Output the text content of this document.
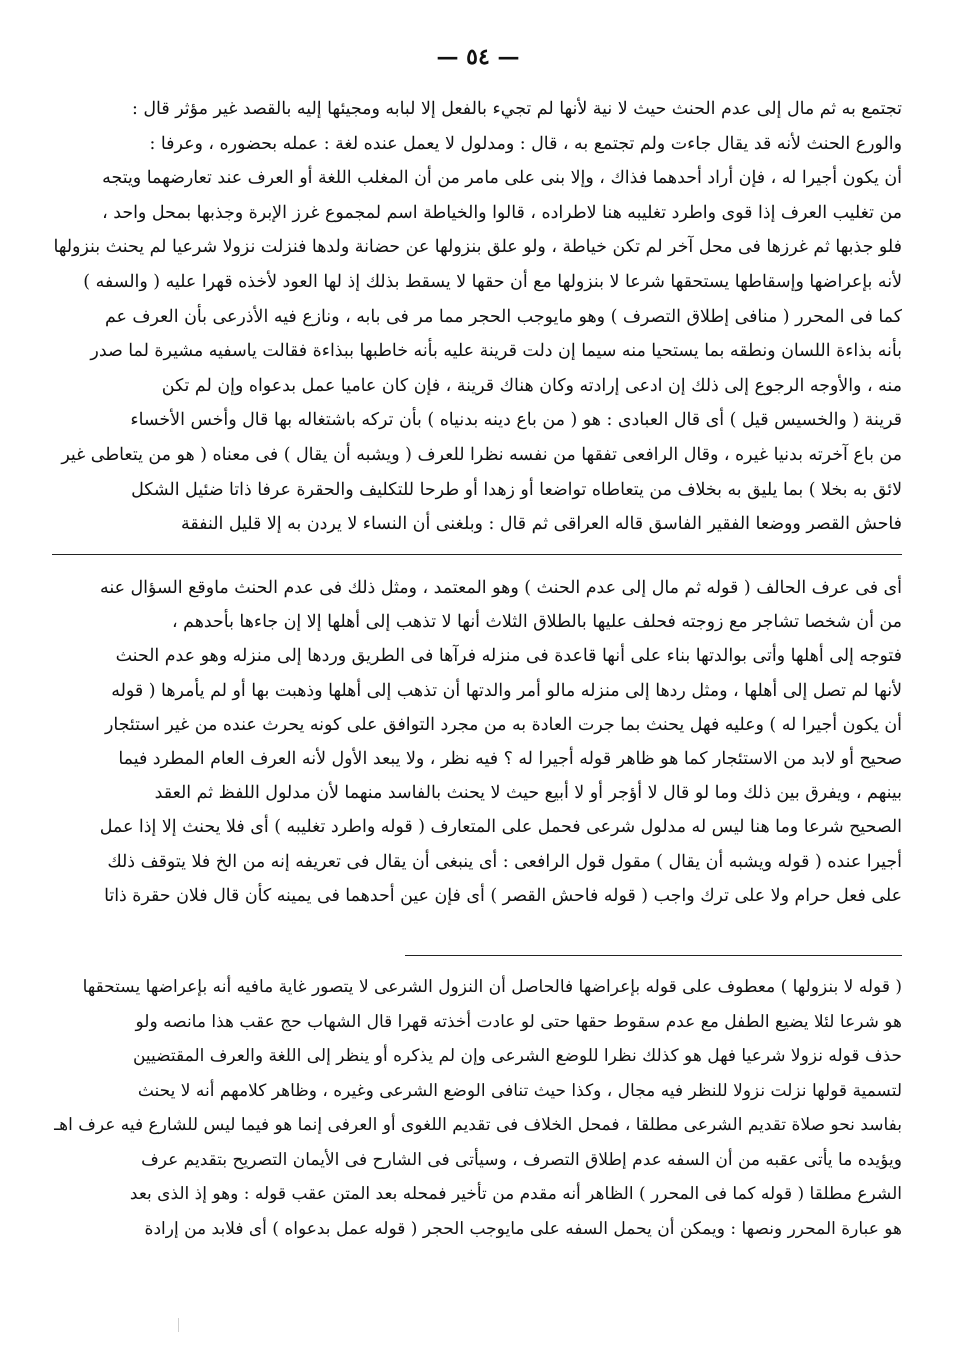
— ٥٤ —

تجتمع به ثم مال إلى عدم الحنث حيث لا نية لأنها لم تجيء بالفعل إلا لبابه ومجيئها إليه بالقصد غير مؤثر قال :

والورع الحنث لأنه قد يقال جاءت ولم تجتمع به ، قال : ومدلول لا يعمل عنده لغة : عمله بحضوره ، وعرفا :

أن يكون أجيرا له ، فإن أراد أحدهما فذاك ، وإلا بنى على مامر من أن المغلب اللغة أو العرف عند تعارضهما ويتجه

من تغليب العرف إذا قوى واطرد تغليبه هنا لاطراده ، قالوا والخياطة اسم لمجموع غرز الإبرة وجذبها بمحل واحد ،

فلو جذبها ثم غرزها فى محل آخر لم تكن خياطة ، ولو علق بنزولها عن حضانة ولدها فنزلت نزولا شرعيا لم يحنث بنزولها

لأنه بإعراضها وإسقاطها يستحقها شرعا لا بنزولها مع أن حقها لا يسقط بذلك إذ لها العود لأخذه قهرا عليه ( والسفه )

كما فى المحرر ( منافى إطلاق التصرف ) وهو مايوجب الحجر مما مر فى بابه ، ونازع فيه الأذرعى بأن العرف عم

بأنه بذاءة اللسان ونطقه بما يستحيا منه سيما إن دلت قرينة عليه بأنه خاطبها ببذاءة فقالت ياسفيه مشيرة لما صدر

منه ، والأوجه الرجوع إلى ذلك إن ادعى إرادته وكان هناك قرينة ، فإن كان عاميا عمل بدعواه وإن لم تكن

قرينة ( والخسيس قيل ) أى قال العبادى : هو ( من باع دينه بدنياه ) بأن تركه باشتغاله بها قال وأخس الأخساء

من باع آخرته بدنيا غيره ، وقال الرافعى تفقها من نفسه نظرا للعرف ( ويشبه أن يقال ) فى معناه ( هو من يتعاطى غير

لائق به بخلا ) بما يليق به بخلاف من يتعاطاه تواضعا أو زهدا أو طرحا للتكليف والحقرة عرفا ذاتا ضئيل الشكل

فاحش القصر ووضعا الفقير الفاسق قاله العراقى ثم قال : وبلغنى أن النساء لا يردن به إلا قليل النفقة

أى فى عرف الحالف ( قوله ثم مال إلى عدم الحنث ) وهو المعتمد ، ومثل ذلك فى عدم الحنث ماوقع السؤال عنه

من أن شخصا تشاجر مع زوجته فحلف عليها بالطلاق الثلاث أنها لا تذهب إلى أهلها إلا إن جاءها بأحدهم ،

فتوجه إلى أهلها وأتى بوالدتها بناء على أنها قاعدة فى منزله فرآها فى الطريق وردها إلى منزله وهو عدم الحنث

لأنها لم تصل إلى أهلها ، ومثل ردها إلى منزله مالو أمر والدتها أن تذهب إلى أهلها وذهبت بها أو لم يأمرها ( قوله

أن يكون أجيرا له ) وعليه فهل يحنث بما جرت العادة به من مجرد التوافق على كونه يحرث عنده من غير استئجار

صحيح أو لابد من الاستئجار كما هو ظاهر قوله أجيرا له ؟ فيه نظر ، ولا يبعد الأول لأنه العرف العام المطرد فيما

بينهم ، ويفرق بين ذلك وما لو قال لا أؤجر أو لا أبيع حيث لا يحنث بالفاسد منهما لأن مدلول اللفظ ثم العقد

الصحيح شرعا وما هنا ليس له مدلول شرعى فحمل على المتعارف ( قوله واطرد تغليبه ) أى فلا يحنث إلا إذا عمل

أجيرا عنده ( قوله ويشبه أن يقال ) مقول قول الرافعى : أى ينبغى أن يقال فى تعريفه إنه من الخ فلا يتوقف ذلك

على فعل حرام ولا على ترك واجب ( قوله فاحش القصر ) أى فإن عين أحدهما فى يمينه كأن قال فلان حقرة ذاتا

( قوله لا بنزولها ) معطوف على قوله بإعراضها فالحاصل أن النزول الشرعى لا يتصور غاية مافيه أنه بإعراضها يستحقها

هو شرعا لئلا يضيع الطفل مع عدم سقوط حقها حتى لو عادت أخذته قهرا قال الشهاب حج عقب هذا مانصه ولو

حذف قوله نزولا شرعيا فهل هو كذلك نظرا للوضع الشرعى وإن لم يذكره أو ينظر إلى اللغة والعرف المقتضيين

لتسمية قولها نزلت نزولا للنظر فيه مجال ، وكذا حيث تنافى الوضع الشرعى وغيره ، وظاهر كلامهم أنه لا يحنث

بفاسد نحو صلاة تقديم الشرعى مطلقا ، فمحل الخلاف فى تقديم اللغوى أو العرفى إنما هو فيما ليس للشارع فيه عرف اهـ

ويؤيده ما يأتى عقبه من أن السفه عدم إطلاق التصرف ، وسيأتى فى الشارح فى الأيمان التصريح بتقديم عرف

الشرع مطلقا ( قوله كما فى المحرر ) الظاهر أنه مقدم من تأخير فمحله بعد المتن عقب قوله : وهو إذ الذى بعد

هو عبارة المحرر ونصها : ويمكن أن يحمل السفه على مايوجب الحجر ( قوله عمل بدعواه ) أى فلابد من إرادة
